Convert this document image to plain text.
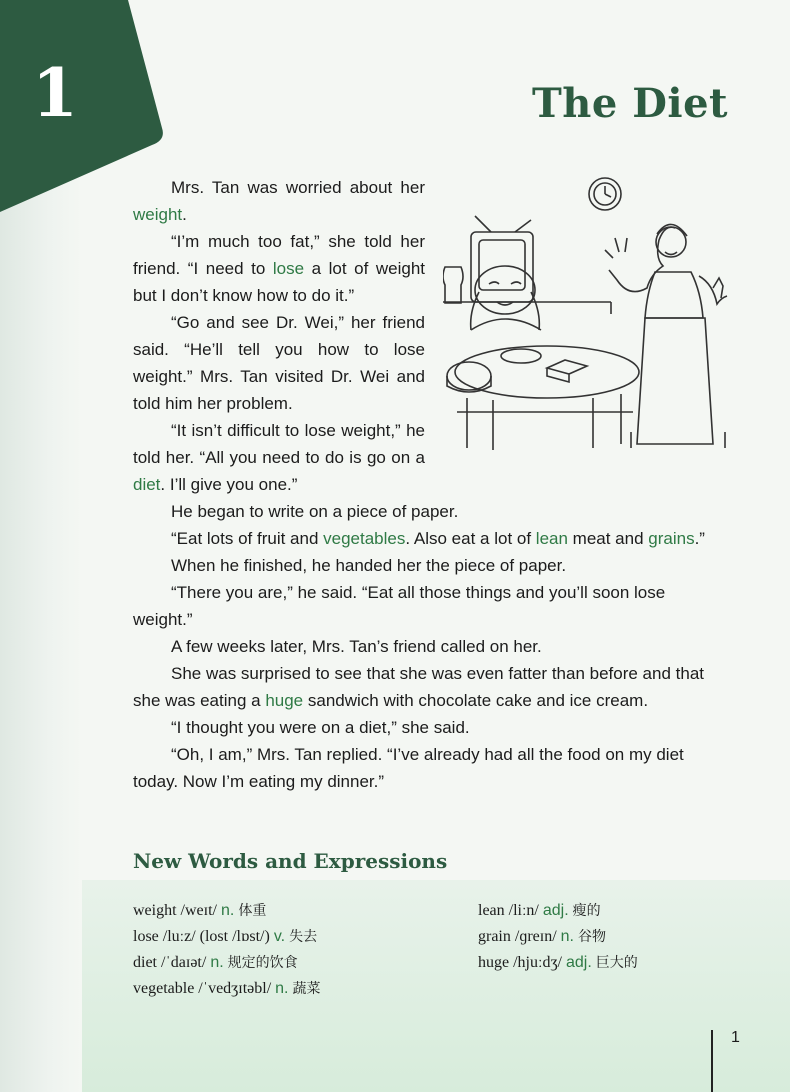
1	The Diet

Mrs. Tan was worried about her weight.

“I’m much too fat,” she told her friend. “I need to lose a lot of weight but I don’t know how to do it.”

“Go and see Dr. Wei,” her friend said. “He’ll tell you how to lose weight.” Mrs. Tan visited Dr. Wei and told him her problem.

“It isn’t difficult to lose weight,” he told her. “All you need to do is go on a diet. I’ll give you one.”

He began to write on a piece of paper.

“Eat lots of fruit and vegetables. Also eat a lot of lean meat and grains.”

When he finished, he handed her the piece of paper.

“There you are,” he said. “Eat all those things and you’ll soon lose weight.”

A few weeks later, Mrs. Tan’s friend called on her.

She was surprised to see that she was even fatter than before and that she was eating a huge sandwich with chocolate cake and ice cream.

“I thought you were on a diet,” she said.

“Oh, I am,” Mrs. Tan replied. “I’ve already had all the food on my diet today. Now I’m eating my dinner.”

New Words and Expressions
weight /weɪt/ n. 体重
lose /luːz/ (lost /lɒst/) v. 失去
diet /ˈdaɪət/ n. 规定的饮食
vegetable /ˈvedʒɪtəbl/ n. 蔬菜
lean /liːn/ adj. 瘦的
grain /ɡreɪn/ n. 谷物
huge /hjuːdʒ/ adj. 巨大的
1
